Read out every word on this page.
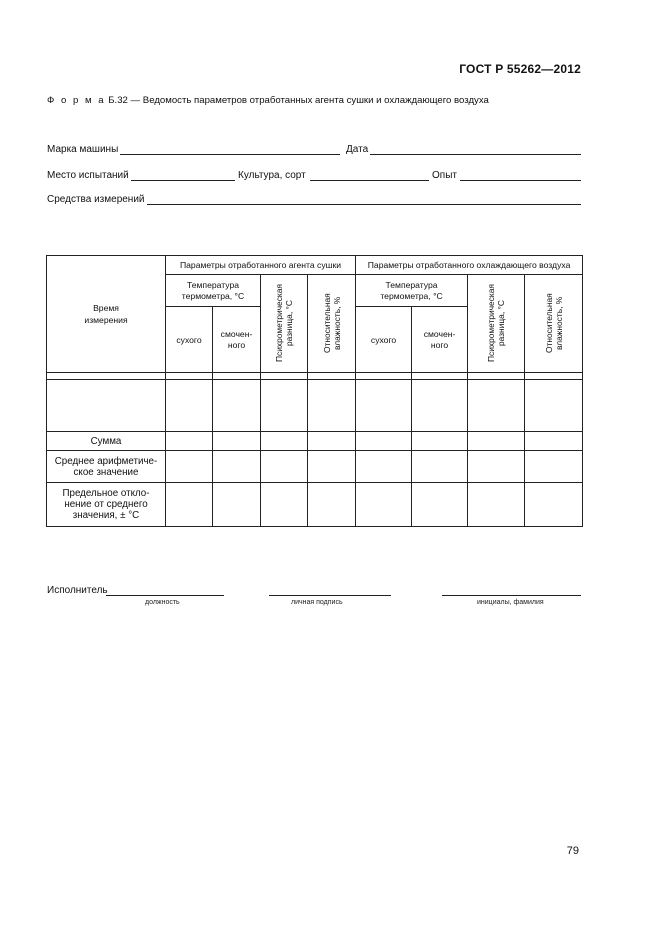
ГОСТ Р 55262—2012
Ф о р м а Б.32 — Ведомость параметров отработанных агента сушки и охлаждающего воздуха
Марка машины	Дата
Место испытаний	Культура, сорт	Опыт
Средства измерений
Время измерения	Параметры отработанного агента сушки				Параметры отработанного охлаждающего воздуха			
	Температура термометра, °С		Психрометрическая разница, °С	Относительная влажность, %	Температура термометра, °С		Психрометрическая разница, °С	Относительная влажность, %
	сухого	смочен-ного			сухого	смочен-ного		

Сумма								
Среднее арифметиче-ское значение								
Предельное откло-нение от среднего значения, ± °С								
Исполнитель
должность	личная подпись	инициалы, фамилия
79
